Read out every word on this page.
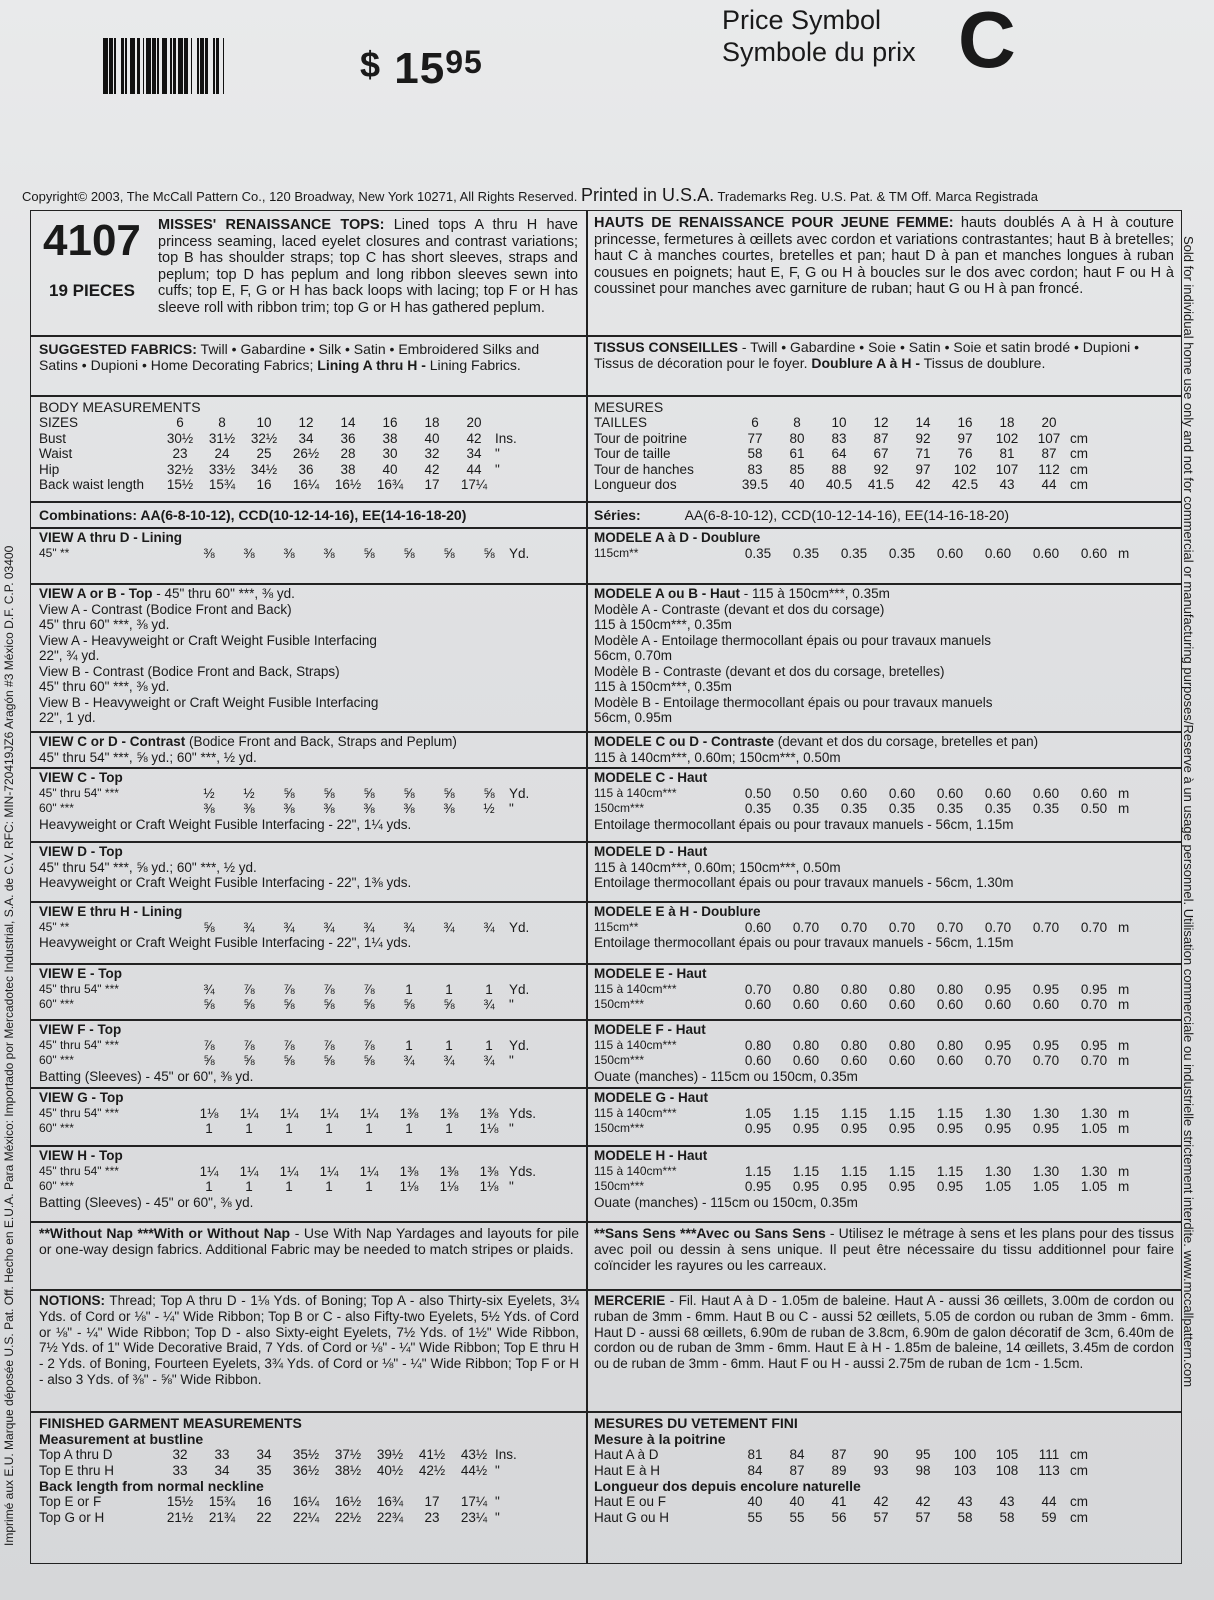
$ $15^{95}$
Price Symbol
Symbole du prix C
Copyright© 2003, The McCall Pattern Co., 120 Broadway, New York 10271, All Rights Reserved. Printed in U.S.A. Trademarks Reg. U.S. Pat. & TM Off. Marca Registrada
Imprimé aux E.U. Marque déposée U.S. Pat. Off. Hecho en E.U.A. Para México: Importado por Mercadotec Industrial, S.A. de C.V. RFC: MIN-720419JZ6 Aragón #3 México D.F. C.P. 03400	Sold for individual home use only and not for commercial or manufacturing purposes/Reserve à un usage personnel. Utilisation commerciale ou industrielle strictement interdite. www.mccallpattern.com
4107
19 PIECES
MISSES' RENAISSANCE TOPS: Lined tops A thru H have princess seaming, laced eyelet closures and contrast variations; top B has shoulder straps; top C has short sleeves, straps and peplum; top D has peplum and long ribbon sleeves sewn into cuffs; top E, F, G or H has back loops with lacing; top F or H has sleeve roll with ribbon trim; top G or H has gathered peplum.
HAUTS DE RENAISSANCE POUR JEUNE FEMME: hauts doublés A à H à couture princesse, fermetures à œillets avec cordon et variations contrastantes; haut B à bretelles; haut C à manches courtes, bretelles et pan; haut D à pan et manches longues à ruban cousues en poignets; haut E, F, G ou H à boucles sur le dos avec cordon; haut F ou H à coussinet pour manches avec garniture de ruban; haut G ou H à pan froncé.
SUGGESTED FABRICS: Twill • Gabardine • Silk • Satin • Embroidered Silks and Satins • Dupioni • Home Decorating Fabrics; Lining A thru H - Lining Fabrics.
TISSUS CONSEILLES - Twill • Gabardine • Soie • Satin • Soie et satin brodé • Dupioni • Tissus de décoration pour le foyer. Doublure A à H - Tissus de doublure.
BODY MEASUREMENTS
SIZES	6	8	10	12	14	16	18	20	
Bust	30½	31½	32½	34	36	38	40	42	Ins.
Waist	23	24	25	26½	28	30	32	34	"
Hip	32½	33½	34½	36	38	40	42	44	"
Back waist length	15½	15¾	16	16¼	16½	16¾	17	17¼	
MESURES
TAILLES	6	8	10	12	14	16	18	20	
Tour de poitrine	77	80	83	87	92	97	102	107	cm
Tour de taille	58	61	64	67	71	76	81	87	cm
Tour de hanches	83	85	88	92	97	102	107	112	cm
Longueur dos	39.5	40	40.5	41.5	42	42.5	43	44	cm
Combinations: AA(6-8-10-12), CCD(10-12-14-16), EE(14-16-18-20)	Séries:	AA(6-8-10-12), CCD(10-12-14-16), EE(14-16-18-20)
VIEW A thru D - Lining
45" **	⅜	⅜	⅜	⅜	⅝	⅝	⅝	⅝	Yd.
VIEW A or B - Top - 45" thru 60" ***, ⅜ yd.
View A - Contrast (Bodice Front and Back)
45" thru 60" ***, ⅜ yd.
View A - Heavyweight or Craft Weight Fusible Interfacing
22", ¾ yd.
View B - Contrast (Bodice Front and Back, Straps)
45" thru 60" ***, ⅜ yd.
View B - Heavyweight or Craft Weight Fusible Interfacing
22", 1 yd.
VIEW C or D - Contrast (Bodice Front and Back, Straps and Peplum)
45" thru 54" ***, ⅝ yd.; 60" ***, ½ yd.
VIEW C - Top
45" thru 54" ***	½	½	⅝	⅝	⅝	⅝	⅝	⅝	Yd.
60" ***	⅜	⅜	⅜	⅜	⅜	⅜	⅜	½	"
Heavyweight or Craft Weight Fusible Interfacing - 22", 1¼ yds.
VIEW D - Top
45" thru 54" ***, ⅝ yd.; 60" ***, ½ yd.
Heavyweight or Craft Weight Fusible Interfacing - 22", 1⅜ yds.
VIEW E thru H - Lining
45" **	⅝	¾	¾	¾	¾	¾	¾	¾	Yd.
Heavyweight or Craft Weight Fusible Interfacing - 22", 1¼ yds.
VIEW E - Top
45" thru 54" ***	¾	⅞	⅞	⅞	⅞	1	1	1	Yd.
60" ***	⅝	⅝	⅝	⅝	⅝	⅝	⅝	¾	"
VIEW F - Top
45" thru 54" ***	⅞	⅞	⅞	⅞	⅞	1	1	1	Yd.
60" ***	⅝	⅝	⅝	⅝	⅝	¾	¾	¾	"
Batting (Sleeves) - 45" or 60", ⅜ yd.
VIEW G - Top
45" thru 54" ***	1⅛	1¼	1¼	1¼	1¼	1⅜	1⅜	1⅜	Yds.
60" ***	1	1	1	1	1	1	1	1⅛	"
VIEW H - Top
45" thru 54" ***	1¼	1¼	1¼	1¼	1¼	1⅜	1⅜	1⅜	Yds.
60" ***	1	1	1	1	1	1⅛	1⅛	1⅛	"
Batting (Sleeves) - 45" or 60", ⅜ yd.
MODELE A à D - Doublure
115cm**	0.35	0.35	0.35	0.35	0.60	0.60	0.60	0.60	m
MODELE A ou B - Haut - 115 à 150cm***, 0.35m
Modèle A - Contraste (devant et dos du corsage)
115 à 150cm***, 0.35m
Modèle A - Entoilage thermocollant épais ou pour travaux manuels
56cm, 0.70m
Modèle B - Contraste (devant et dos du corsage, bretelles)
115 à 150cm***, 0.35m
Modèle B - Entoilage thermocollant épais ou pour travaux manuels
56cm, 0.95m
MODELE C ou D - Contraste (devant et dos du corsage, bretelles et pan)
115 à 140cm***, 0.60m; 150cm***, 0.50m
MODELE C - Haut
115 à 140cm***	0.50	0.50	0.60	0.60	0.60	0.60	0.60	0.60	m
150cm***	0.35	0.35	0.35	0.35	0.35	0.35	0.35	0.50	m
Entoilage thermocollant épais ou pour travaux manuels - 56cm, 1.15m
MODELE D - Haut
115 à 140cm***, 0.60m; 150cm***, 0.50m
Entoilage thermocollant épais ou pour travaux manuels - 56cm, 1.30m
MODELE E à H - Doublure
115cm**	0.60	0.70	0.70	0.70	0.70	0.70	0.70	0.70	m
Entoilage thermocollant épais ou pour travaux manuels - 56cm, 1.15m
MODELE E - Haut
115 à 140cm***	0.70	0.80	0.80	0.80	0.80	0.95	0.95	0.95	m
150cm***	0.60	0.60	0.60	0.60	0.60	0.60	0.60	0.70	m
MODELE F - Haut
115 à 140cm***	0.80	0.80	0.80	0.80	0.80	0.95	0.95	0.95	m
150cm***	0.60	0.60	0.60	0.60	0.60	0.70	0.70	0.70	m
Ouate (manches) - 115cm ou 150cm, 0.35m
MODELE G - Haut
115 à 140cm***	1.05	1.15	1.15	1.15	1.15	1.30	1.30	1.30	m
150cm***	0.95	0.95	0.95	0.95	0.95	0.95	0.95	1.05	m
MODELE H - Haut
115 à 140cm***	1.15	1.15	1.15	1.15	1.15	1.30	1.30	1.30	m
150cm***	0.95	0.95	0.95	0.95	0.95	1.05	1.05	1.05	m
Ouate (manches) - 115cm ou 150cm, 0.35m
**Without Nap ***With or Without Nap - Use With Nap Yardages and layouts for pile or one-way design fabrics. Additional Fabric may be needed to match stripes or plaids.
**Sans Sens ***Avec ou Sans Sens - Utilisez le métrage à sens et les plans pour des tissus avec poil ou dessin à sens unique. Il peut être nécessaire du tissu additionnel pour faire coïncider les rayures ou les carreaux.
NOTIONS: Thread; Top A thru D - 1⅛ Yds. of Boning; Top A - also Thirty-six Eyelets, 3¼ Yds. of Cord or ⅛" - ¼" Wide Ribbon; Top B or C - also Fifty-two Eyelets, 5½ Yds. of Cord or ⅛" - ¼" Wide Ribbon; Top D - also Sixty-eight Eyelets, 7½ Yds. of 1½" Wide Ribbon, 7½ Yds. of 1" Wide Decorative Braid, 7 Yds. of Cord or ⅛" - ¼" Wide Ribbon; Top E thru H - 2 Yds. of Boning, Fourteen Eyelets, 3¾ Yds. of Cord or ⅛" - ¼" Wide Ribbon; Top F or H - also 3 Yds. of ⅜" - ⅝" Wide Ribbon.
MERCERIE - Fil. Haut A à D - 1.05m de baleine. Haut A - aussi 36 œillets, 3.00m de cordon ou ruban de 3mm - 6mm. Haut B ou C - aussi 52 œillets, 5.05 de cordon ou ruban de 3mm - 6mm. Haut D - aussi 68 œillets, 6.90m de ruban de 3.8cm, 6.90m de galon décoratif de 3cm, 6.40m de cordon ou de ruban de 3mm - 6mm. Haut E à H - 1.85m de baleine, 14 œillets, 3.45m de cordon ou de ruban de 3mm - 6mm. Haut F ou H - aussi 2.75m de ruban de 1cm - 1.5cm.
FINISHED GARMENT MEASUREMENTS
Measurement at bustline
Top A thru D	32	33	34	35½	37½	39½	41½	43½	Ins.
Top E thru H	33	34	35	36½	38½	40½	42½	44½	"
Back length from normal neckline
Top E or F	15½	15¾	16	16¼	16½	16¾	17	17¼	"
Top G or H	21½	21¾	22	22¼	22½	22¾	23	23¼	"
MESURES DU VETEMENT FINI
Mesure à la poitrine
Haut A à D	81	84	87	90	95	100	105	111	cm
Haut E à H	84	87	89	93	98	103	108	113	cm
Longueur dos depuis encolure naturelle
Haut E ou F	40	40	41	42	42	43	43	44	cm
Haut G ou H	55	55	56	57	57	58	58	59	cm
